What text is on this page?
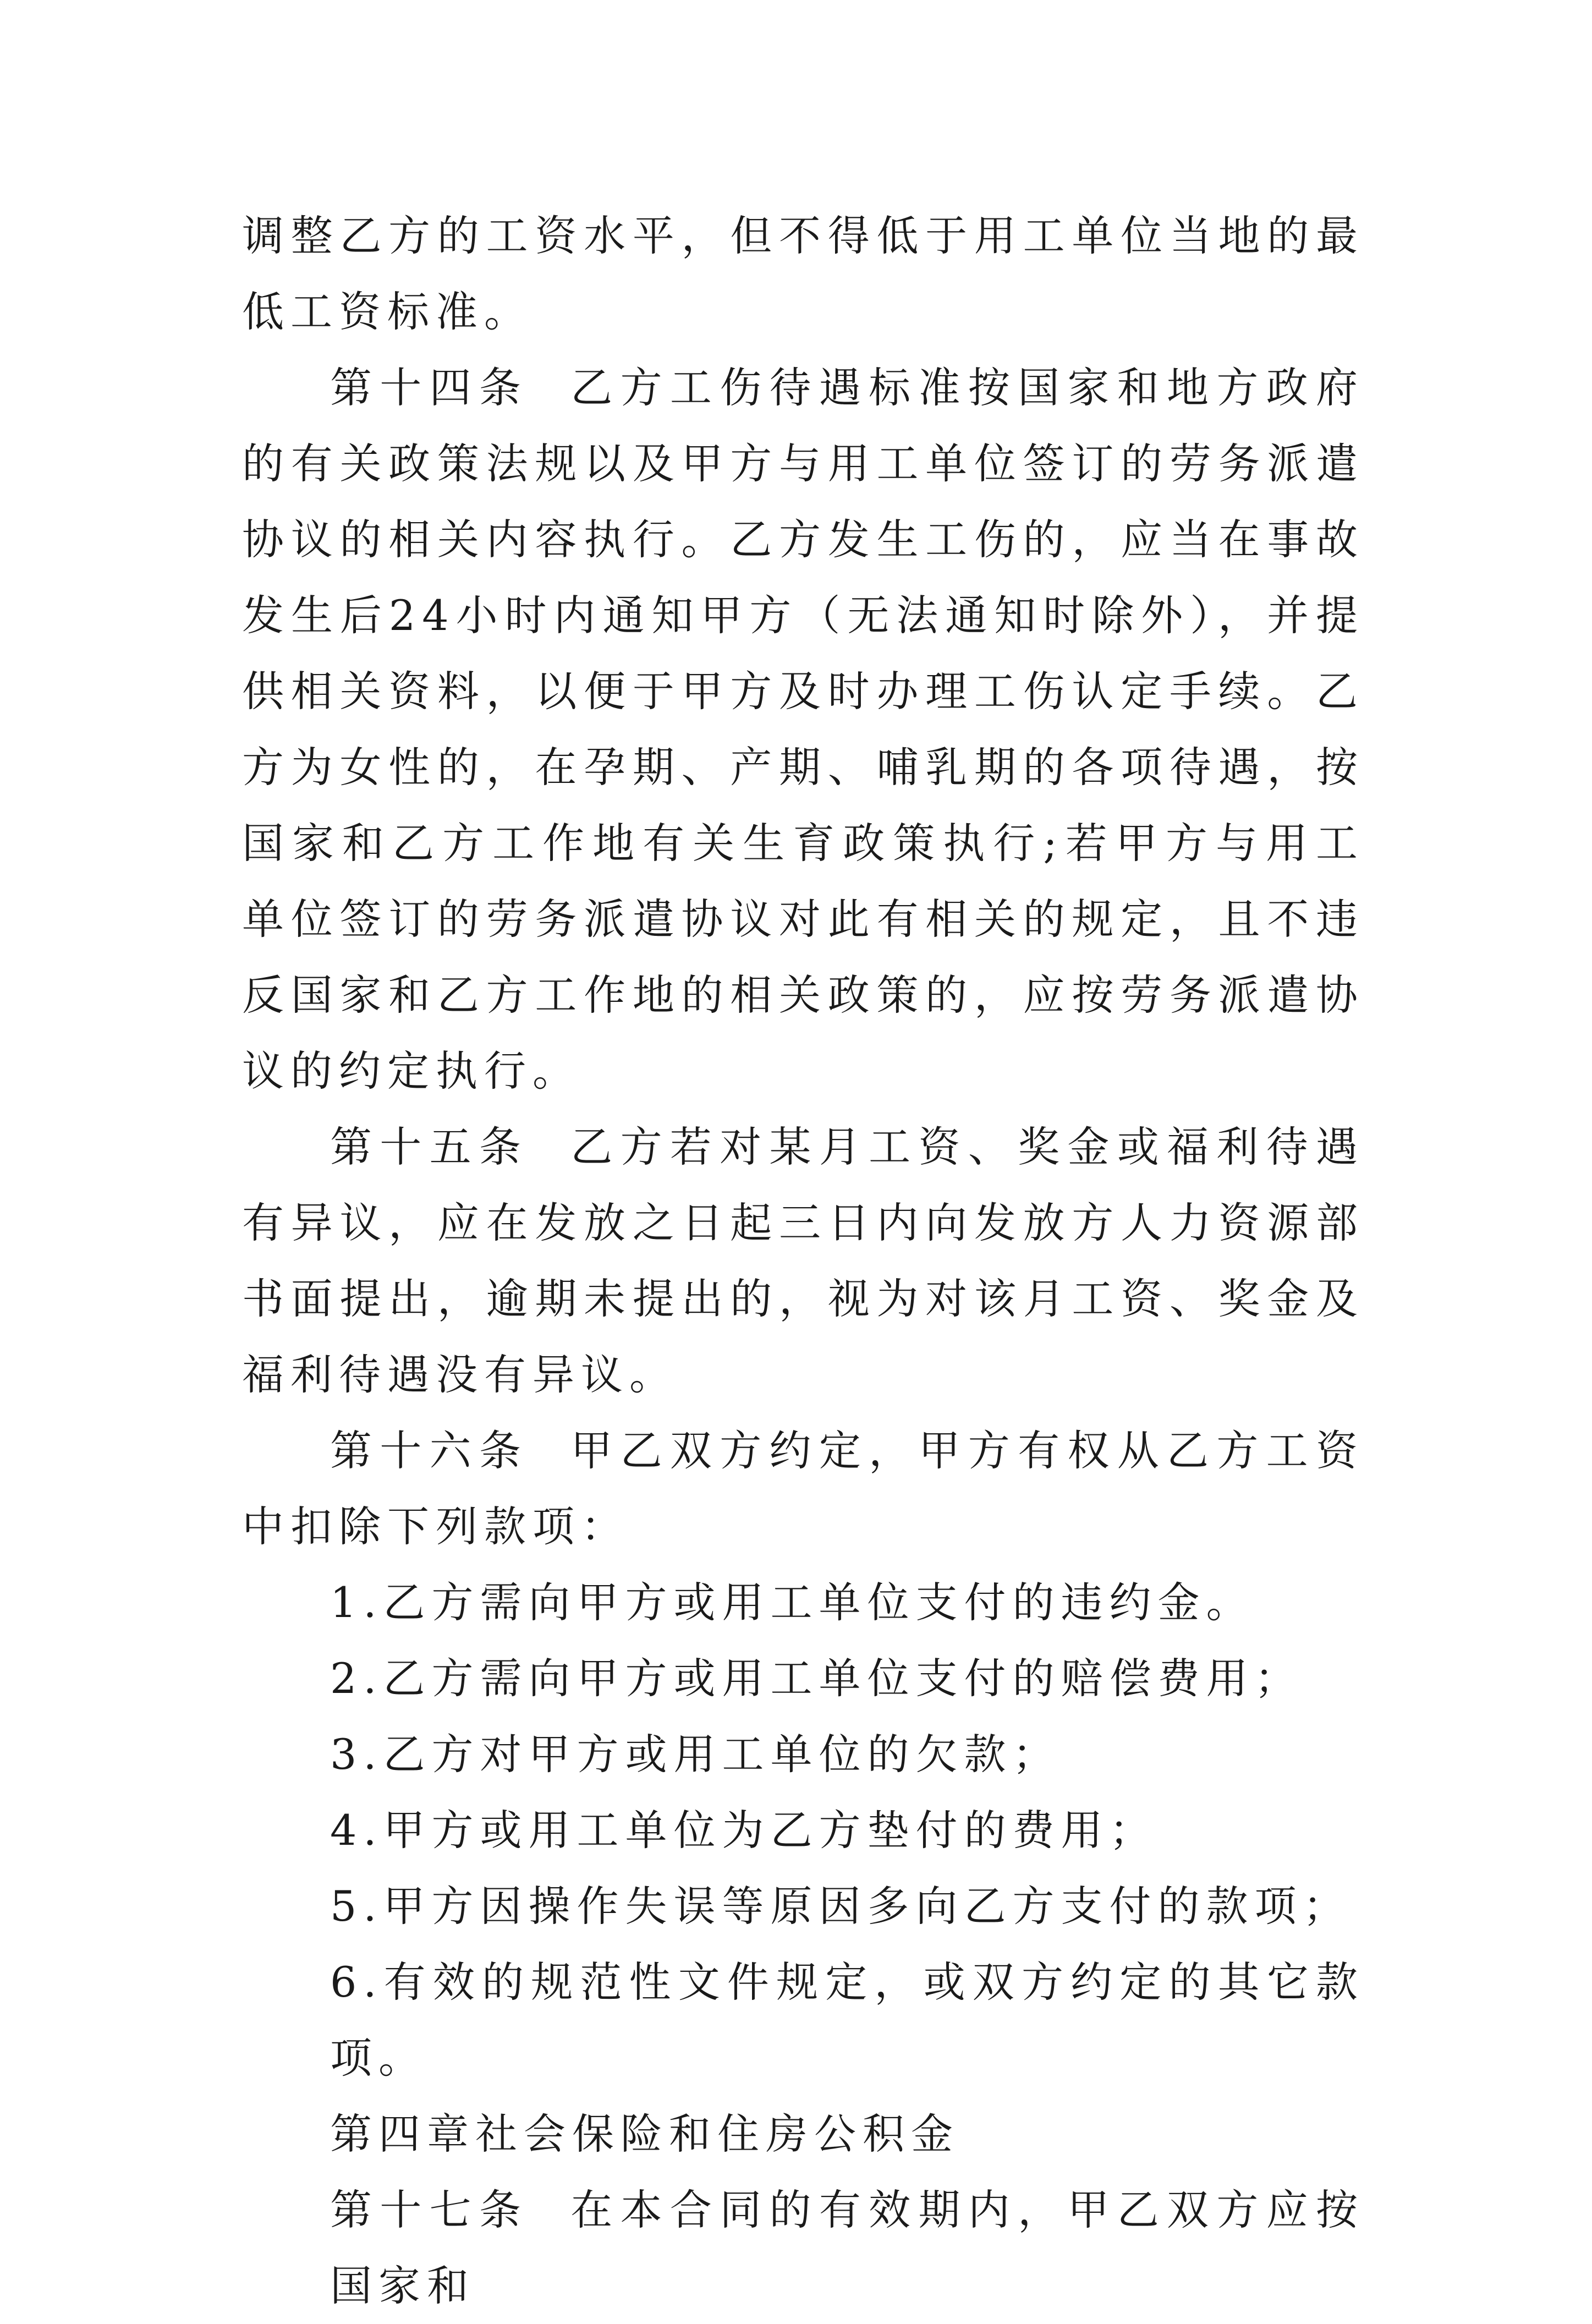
调整乙方的工资水平，但不得低于用工单位当地的最低工资标准。

第十四条 乙方工伤待遇标准按国家和地方政府的有关政策法规以及甲方与用工单位签订的劳务派遣协议的相关内容执行。乙方发生工伤的，应当在事故发生后24小时内通知甲方（无法通知时除外），并提供相关资料，以便于甲方及时办理工伤认定手续。乙方为女性的，在孕期、产期、哺乳期的各项待遇，按国家和乙方工作地有关生育政策执行;若甲方与用工单位签订的劳务派遣协议对此有相关的规定，且不违反国家和乙方工作地的相关政策的，应按劳务派遣协议的约定执行。

第十五条 乙方若对某月工资、奖金或福利待遇有异议，应在发放之日起三日内向发放方人力资源部书面提出，逾期未提出的，视为对该月工资、奖金及福利待遇没有异议。

第十六条 甲乙双方约定，甲方有权从乙方工资中扣除下列款项：

1.乙方需向甲方或用工单位支付的违约金。

2.乙方需向甲方或用工单位支付的赔偿费用；

3.乙方对甲方或用工单位的欠款；

4.甲方或用工单位为乙方垫付的费用；

5.甲方因操作失误等原因多向乙方支付的款项；

6.有效的规范性文件规定，或双方约定的其它款项。

第四章社会保险和住房公积金

第十七条 在本合同的有效期内，甲乙双方应按国家和
